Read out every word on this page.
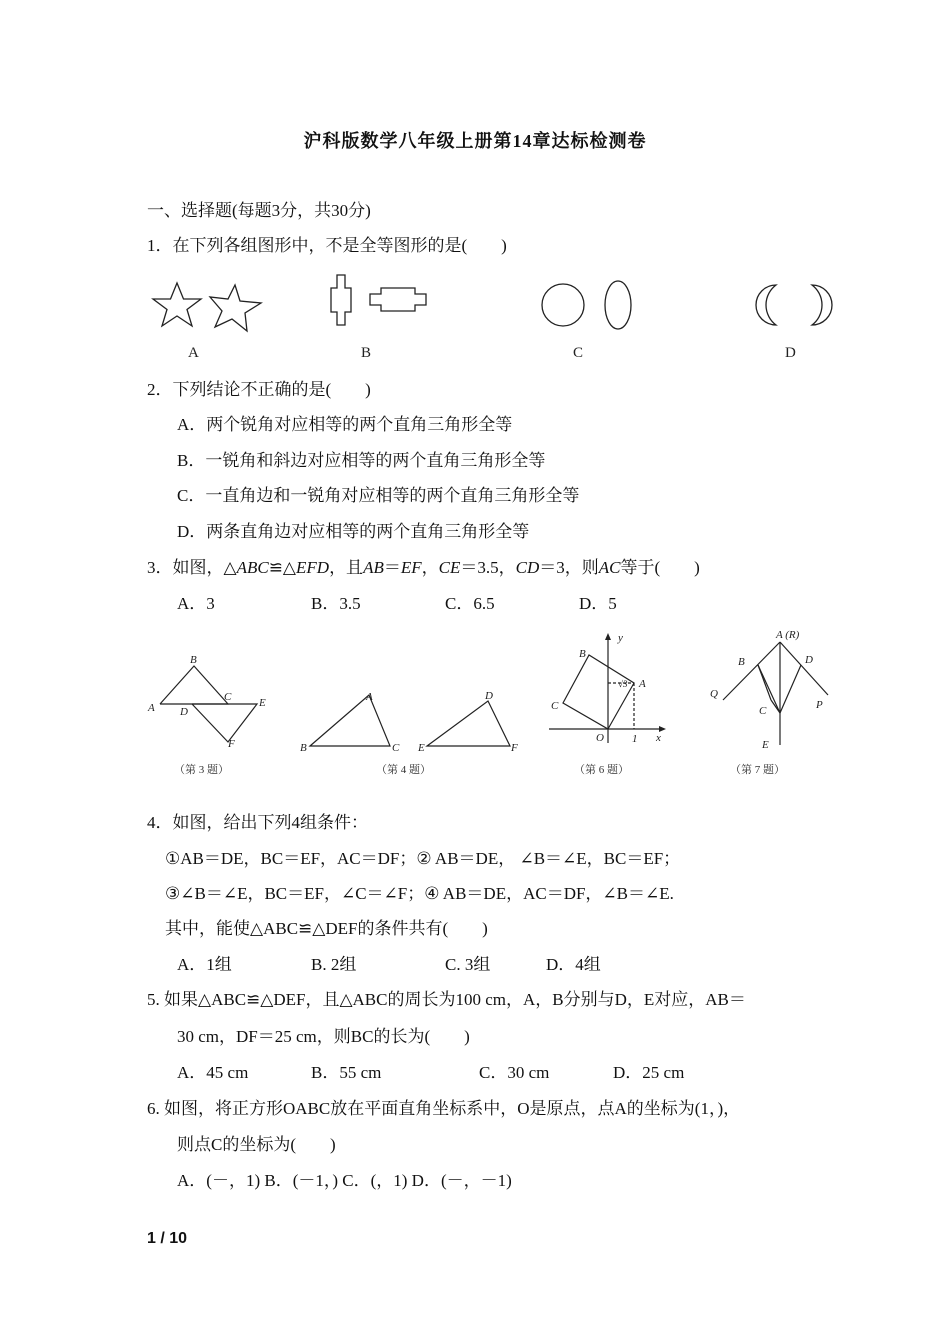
沪科版数学八年级上册第14章达标检测卷
一、选择题(每题3分，共30分)
1．在下列各组图形中，不是全等图形的是(　　)
A	B	C	D
2．下列结论不正确的是(　　)
A．两个锐角对应相等的两个直角三角形全等
B．一锐角和斜边对应相等的两个直角三角形全等
C．一直角边和一锐角对应相等的两个直角三角形全等
D．两条直角边对应相等的两个直角三角形全等
3．如图，△ABC≌△EFD，且AB＝EF，CE＝3.5，CD＝3，则AC等于(　　)
A．3	B．3.5	C．6.5	D．5
B
A
C	E
D
F
A
B	C
D
E	F
y
B
A
C
O	1 x
√3
A (R)
B	D
Q
C	P
E
（第 3 题）	（第 4 题）	（第 6 题）	（第 7 题）
4．如图，给出下列4组条件：
①AB＝DE，BC＝EF，AC＝DF；② AB＝DE， ∠B＝∠E，BC＝EF；
③∠B＝∠E，BC＝EF，∠C＝∠F；④ AB＝DE，AC＝DF，∠B＝∠E.
其中，能使△ABC≌△DEF的条件共有(　　)
A．1组	B. 2组	C. 3组	D．4组
5. 如果△ABC≌△DEF，且△ABC的周长为100 cm，A，B分别与D，E对应，AB＝
30 cm，DF＝25 cm，则BC的长为(　　)
A．45 cm	B．55 cm	C．30 cm	D．25 cm
6. 如图，将正方形OABC放在平面直角坐标系中，O是原点，点A的坐标为(1，)，
则点C的坐标为(　　)
A．(－，1) B．(－1，) C．(，1) D．(－，－1)
1 / 10
